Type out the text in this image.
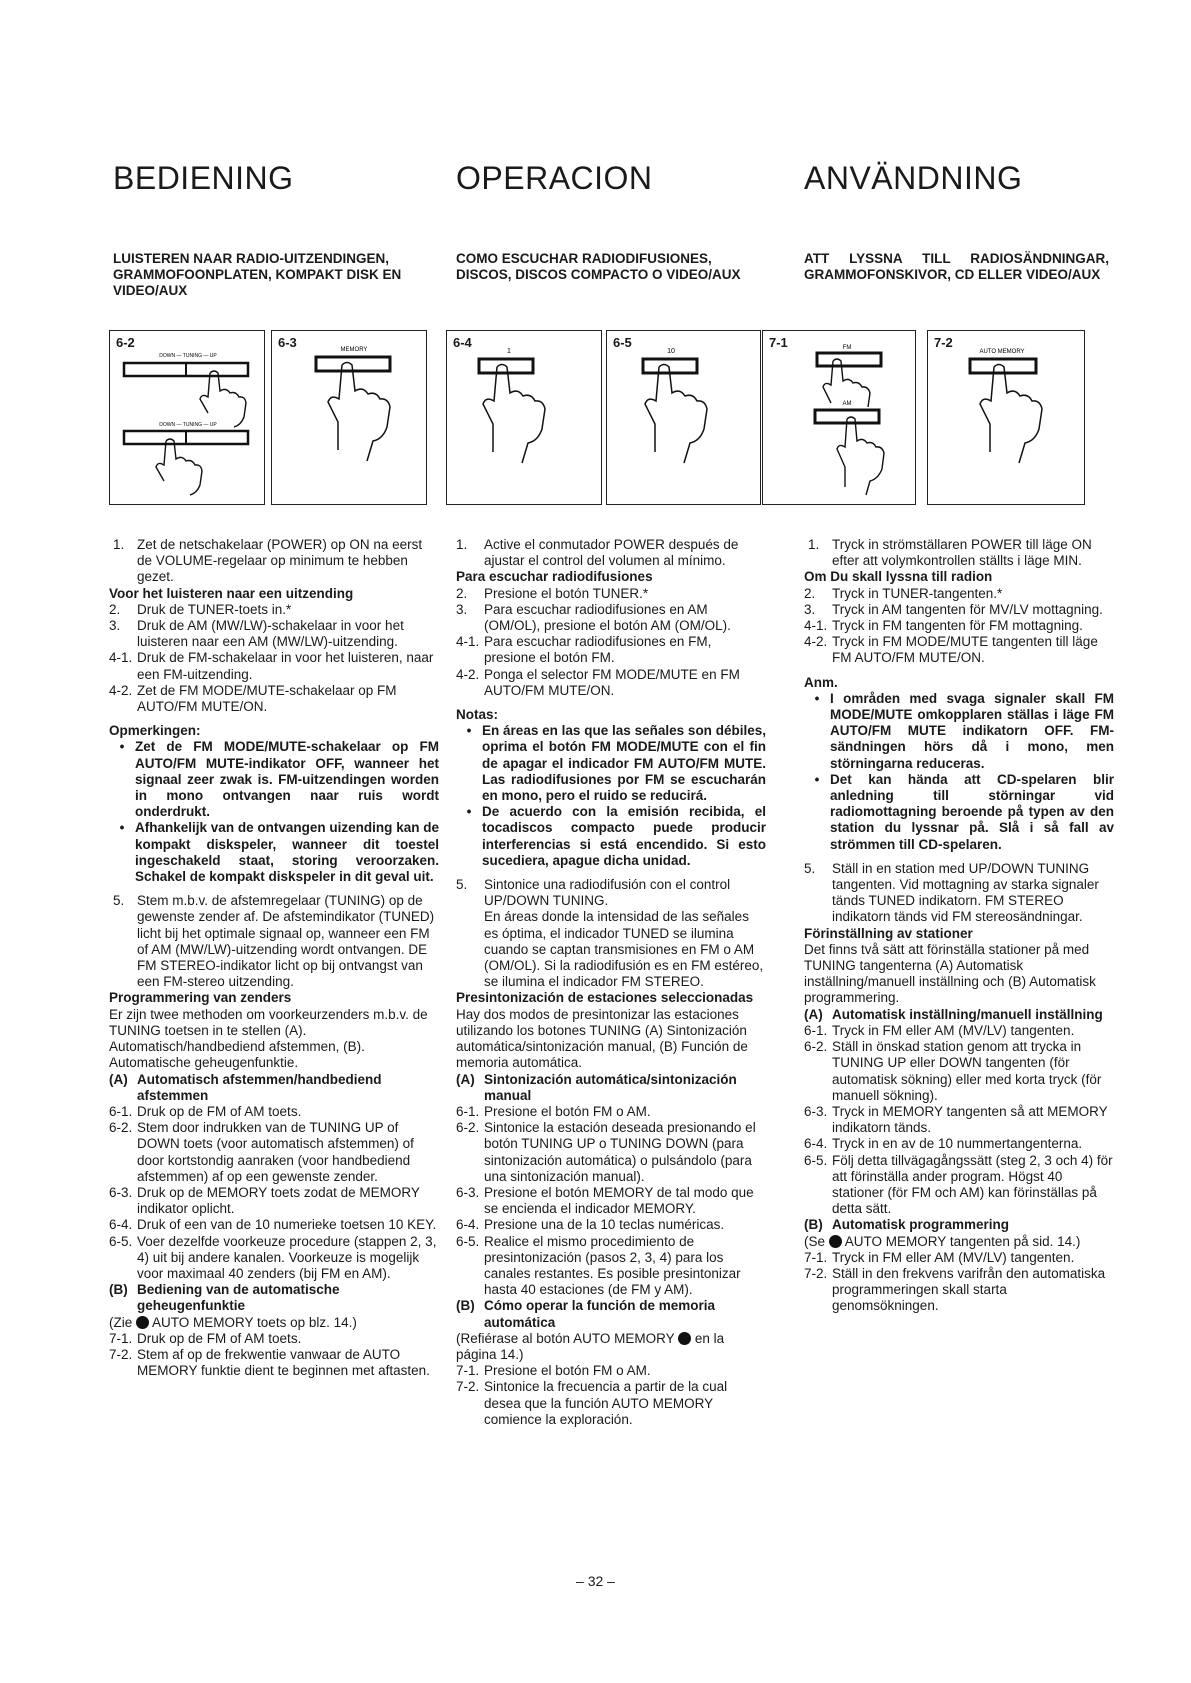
BEDIENING	OPERACION	ANVÄNDNING
LUISTEREN NAAR RADIO-UITZENDINGEN, GRAMMOFOONPLATEN, KOMPAKT DISK EN VIDEO/AUX
COMO ESCUCHAR RADIODIFUSIONES, DISCOS, DISCOS COMPACTO O VIDEO/AUX
ATT LYSSNA TILL RADIOSÄNDNINGAR, GRAMMOFONSKIVOR, CD ELLER VIDEO/AUX
6-2
DOWN — TUNING — UP
DOWN — TUNING — UP
6-3	MEMORY	6-4
1
6-5
10
7-1	FM
AM
7-2
AUTO MEMORY
1. Zet de netschakelaar (POWER) op ON na eerst de VOLUME-regelaar op minimum te hebben gezet.

Voor het luisteren naar een uitzending

2.	Druk de TUNER-toets in.*
3.	Druk de AM (MW/LW)-schakelaar in voor het luisteren naar een AM (MW/LW)-uitzending.
4-1. Druk de FM-schakelaar in voor het luisteren, naar een FM-uitzending.
4-2. Zet de FM MODE/MUTE-schakelaar op FM AUTO/FM MUTE/ON.

Opmerkingen:

• Zet de FM MODE/MUTE-schakelaar op FM AUTO/FM MUTE-indikator OFF, wanneer het signaal zeer zwak is. FM-uitzendingen worden in mono ontvangen naar ruis wordt onderdrukt.
• Afhankelijk van de ontvangen uizending kan de kompakt diskspeler, wanneer dit toestel ingeschakeld staat, storing veroorzaken. Schakel de kompakt diskspeler in dit geval uit.
5. Stem m.b.v. de afstemregelaar (TUNING) op de gewenste zender af. De afstemindikator (TUNED) licht bij het optimale signaal op, wanneer een FM of AM (MW/LW)-uitzending wordt ontvangen. DE FM STEREO-indikator licht op bij ontvangst van een FM-stereo uitzending.

Programmering van zenders

Er zijn twee methoden om voorkeurzenders m.b.v. de TUNING toetsen in te stellen (A). Automatisch/handbediend afstemmen, (B). Automatische geheugenfunktie.

(A) Automatisch afstemmen/handbediend afstemmen
6-1. Druk op de FM of AM toets.
6-2. Stem door indrukken van de TUNING UP of DOWN toets (voor automatisch afstemmen) of door kortstondig aanraken (voor handbediend afstemmen) af op een gewenste zender.
6-3. Druk op de MEMORY toets zodat de MEMORY indikator oplicht.
6-4. Druk of een van de 10 numerieke toetsen 10 KEY.
6-5. Voer dezelfde voorkeuze procedure (stappen 2, 3, 4) uit bij andere kanalen. Voorkeuze is mogelijk voor maximaal 40 zenders (bij FM en AM).
(B) Bediening van de automatische geheugenfunktie

(Zie AUTO MEMORY toets op blz. 14.)

7-1. Druk op de FM of AM toets.
7-2. Stem af op de frekwentie vanwaar de AUTO MEMORY funktie dient te beginnen met aftasten.
1.	Active el conmutador POWER después de ajustar el control del volumen al mínimo.

Para escuchar radiodifusiones

2.	Presione el botón TUNER.*
3.	Para escuchar radiodifusiones en AM (OM/OL), presione el botón AM (OM/OL).
4-1. Para escuchar radiodifusiones en FM, presione el botón FM.
4-2. Ponga el selector FM MODE/MUTE en FM AUTO/FM MUTE/ON.

Notas:

• En áreas en las que las señales son débiles, oprima el botón FM MODE/MUTE con el fin de apagar el indicador FM AUTO/FM MUTE. Las radiodifusiones por FM se escucharán en mono, pero el ruido se reducirá.
• De acuerdo con la emisión recibida, el tocadiscos compacto puede producir interferencias si está encendido. Si esto sucediera, apague dicha unidad.
5.	Sintonice una radiodifusión con el control UP/DOWN TUNING.

En áreas donde la intensidad de las señales es óptima, el indicador TUNED se ilumina cuando se captan transmisiones en FM o AM (OM/OL). Si la radiodifusión es en FM estéreo, se ilumina el indicador FM STEREO.

Presintonización de estaciones seleccionadas

Hay dos modos de presintonizar las estaciones utilizando los botones TUNING (A) Sintonización automática/sintonización manual, (B) Función de memoria automática.

(A) Sintonización automática/sintonización manual
6-1. Presione el botón FM o AM.
6-2. Sintonice la estación deseada presionando el botón TUNING UP o TUNING DOWN (para sintonización automática) o pulsándolo (para una sintonización manual).
6-3. Presione el botón MEMORY de tal modo que se encienda el indicador MEMORY.
6-4. Presione una de la 10 teclas numéricas.
6-5. Realice el mismo procedimiento de presintonización (pasos 2, 3, 4) para los canales restantes. Es posible presintonizar hasta 40 estaciones (de FM y AM).
(B) Cómo operar la función de memoria automática

(Refiérase al botón AUTO MEMORY en la página 14.)

7-1. Presione el botón FM o AM.
7-2. Sintonice la frecuencia a partir de la cual desea que la función AUTO MEMORY comience la exploración.
1. Tryck in strömställaren POWER till läge ON efter att volymkontrollen ställts i läge MIN.

Om Du skall lyssna till radion

2.	Tryck in TUNER-tangenten.*
3.	Tryck in AM tangenten för MV/LV mottagning.
4-1. Tryck in FM tangenten för FM mottagning.
4-2. Tryck in FM MODE/MUTE tangenten till läge FM AUTO/FM MUTE/ON.

Anm.

• I områden med svaga signaler skall FM MODE/MUTE omkopplaren ställas i läge FM AUTO/FM MUTE indikatorn OFF. FM-sändningen hörs då i mono, men störningarna reduceras.
• Det kan hända att CD-spelaren blir anledning till störningar vid radiomottagning beroende på typen av den station du lyssnar på. Slå i så fall av strömmen till CD-spelaren.
5.	Ställ in en station med UP/DOWN TUNING tangenten. Vid mottagning av starka signaler tänds TUNED indikatorn. FM STEREO indikatorn tänds vid FM stereosändningar.

Förinställning av stationer

Det finns två sätt att förinställa stationer på med TUNING tangenterna (A) Automatisk inställning/manuell inställning och (B) Automatisk programmering.

(A) Automatisk inställning/manuell inställning
6-1. Tryck in FM eller AM (MV/LV) tangenten.
6-2. Ställ in önskad station genom att trycka in TUNING UP eller DOWN tangenten (för automatisk sökning) eller med korta tryck (för manuell sökning).
6-3. Tryck in MEMORY tangenten så att MEMORY indikatorn tänds.
6-4. Tryck in en av de 10 nummertangenterna.
6-5. Följ detta tillvägagångssätt (steg 2, 3 och 4) för att förinställa ander program. Högst 40 stationer (för FM och AM) kan förinställas på detta sätt.
(B) Automatisk programmering

(Se AUTO MEMORY tangenten på sid. 14.)

7-1. Tryck in FM eller AM (MV/LV) tangenten.
7-2. Ställ in den frekvens varifrån den automatiska programmeringen skall starta genomsökningen.
– 32 –
